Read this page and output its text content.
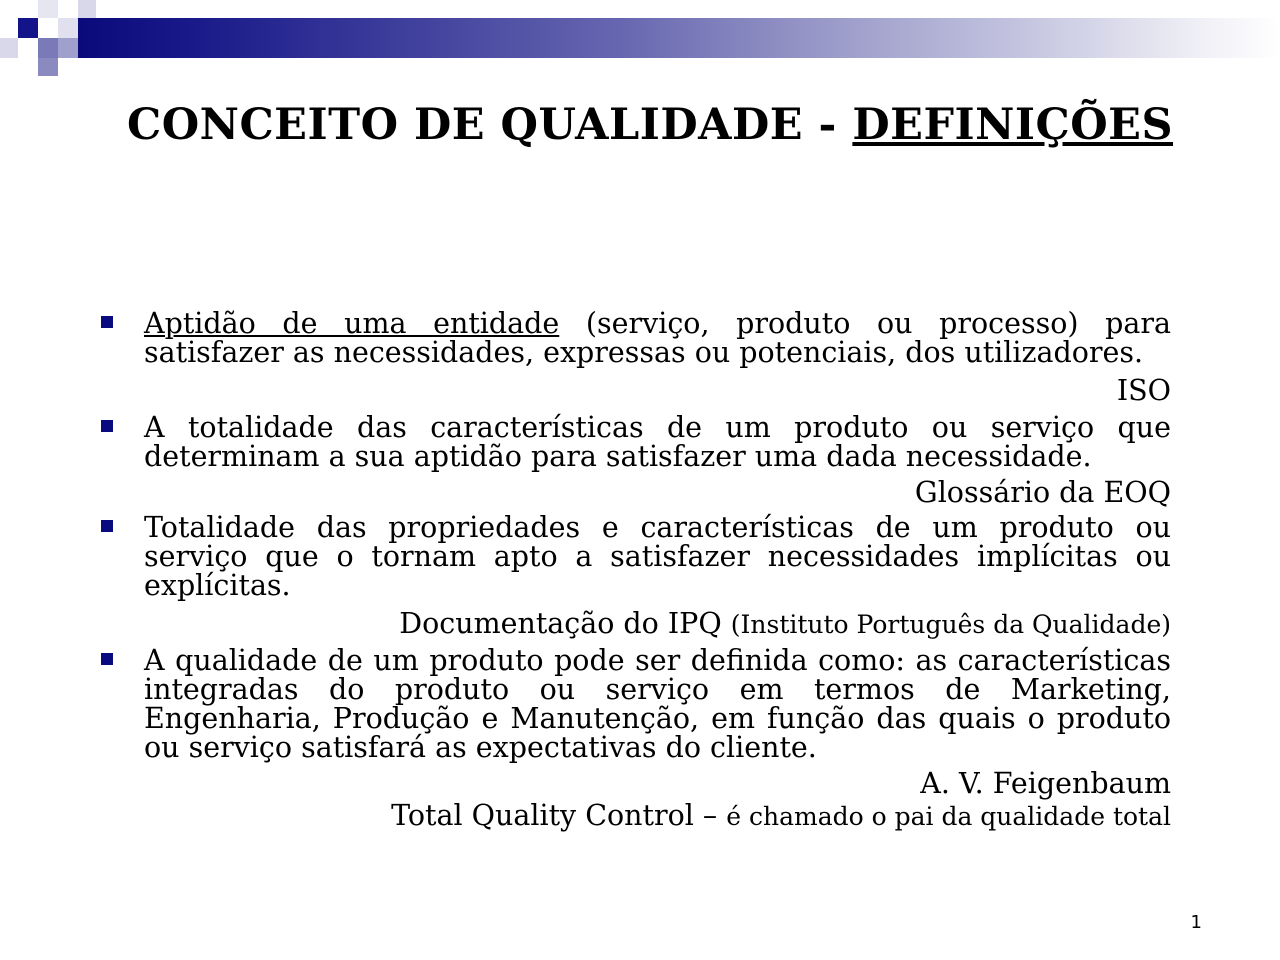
CONCEITO DE QUALIDADE - DEFINIÇÕES
Aptidão de uma entidade (serviço, produto ou processo) para satisfazer as necessidades, expressas ou potenciais, dos utilizadores.
ISO
A totalidade das características de um produto ou serviço que determinam a sua aptidão para satisfazer uma dada necessidade.
Glossário da EOQ
Totalidade das propriedades e características de um produto ou serviço que o tornam apto a satisfazer necessidades implícitas ou explícitas.
Documentação do IPQ (Instituto Português da Qualidade)
A qualidade de um produto pode ser definida como: as características integradas do produto ou serviço em termos de Marketing, Engenharia, Produção e Manutenção, em função das quais o produto ou serviço satisfará as expectativas do cliente.
A. V. Feigenbaum
Total Quality Control – é chamado o pai da qualidade total
1
